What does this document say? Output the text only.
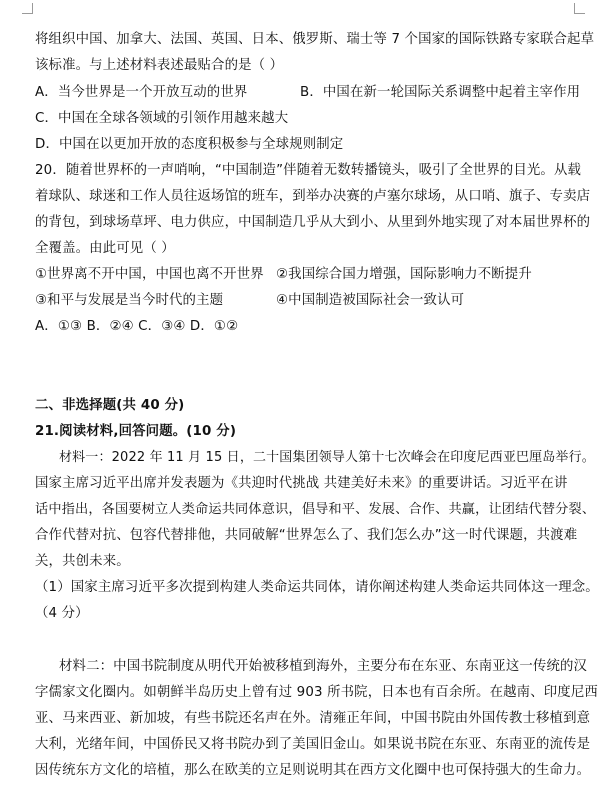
将组织中国、加拿大、法国、英国、日本、俄罗斯、瑞士等 7 个国家的国际铁路专家联合起草
该标准。与上述材料表述最贴合的是（ ）
A．当今世界是一个开放互动的世界	B．中国在新一轮国际关系调整中起着主宰作用
C．中国在全球各领域的引领作用越来越大
D．中国在以更加开放的态度积极参与全球规则制定
20．随着世界杯的一声哨响，“中国制造”伴随着无数转播镜头，吸引了全世界的目光。从载
着球队、球迷和工作人员往返场馆的班车，到举办决赛的卢塞尔球场，从口哨、旗子、专卖店
的背包，到球场草坪、电力供应，中国制造几乎从大到小、从里到外地实现了对本届世界杯的
全覆盖。由此可见（ ）
①世界离不开中国，中国也离不开世界 ②我国综合国力增强，国际影响力不断提升
③和平与发展是当今时代的主题	④中国制造被国际社会一致认可
A．①③ B．②④ C．③④ D．①②
二、非选择题(共 40 分)
21.阅读材料,回答问题。(10 分)
材料一：2022 年 11 月 15 日，二十国集团领导人第十七次峰会在印度尼西亚巴厘岛举行。
国家主席习近平出席并发表题为《共迎时代挑战 共建美好未来》的重要讲话。习近平在讲
话中指出，各国要树立人类命运共同体意识，倡导和平、发展、合作、共赢，让团结代替分裂、
合作代替对抗、包容代替排他，共同破解“世界怎么了、我们怎么办”这一时代课题，共渡难
关，共创未来。
（1）国家主席习近平多次提到构建人类命运共同体，请你阐述构建人类命运共同体这一理念。
（4 分）
材料二：中国书院制度从明代开始被移植到海外，主要分布在东亚、东南亚这一传统的汉
字儒家文化圈内。如朝鲜半岛历史上曾有过 903 所书院，日本也有百余所。在越南、印度尼西
亚、马来西亚、新加坡，有些书院还名声在外。清雍正年间，中国书院由外国传教士移植到意
大利，光绪年间，中国侨民又将书院办到了美国旧金山。如果说书院在东亚、东南亚的流传是
因传统东方文化的培植，那么在欧美的立足则说明其在西方文化圈中也可保持强大的生命力。
